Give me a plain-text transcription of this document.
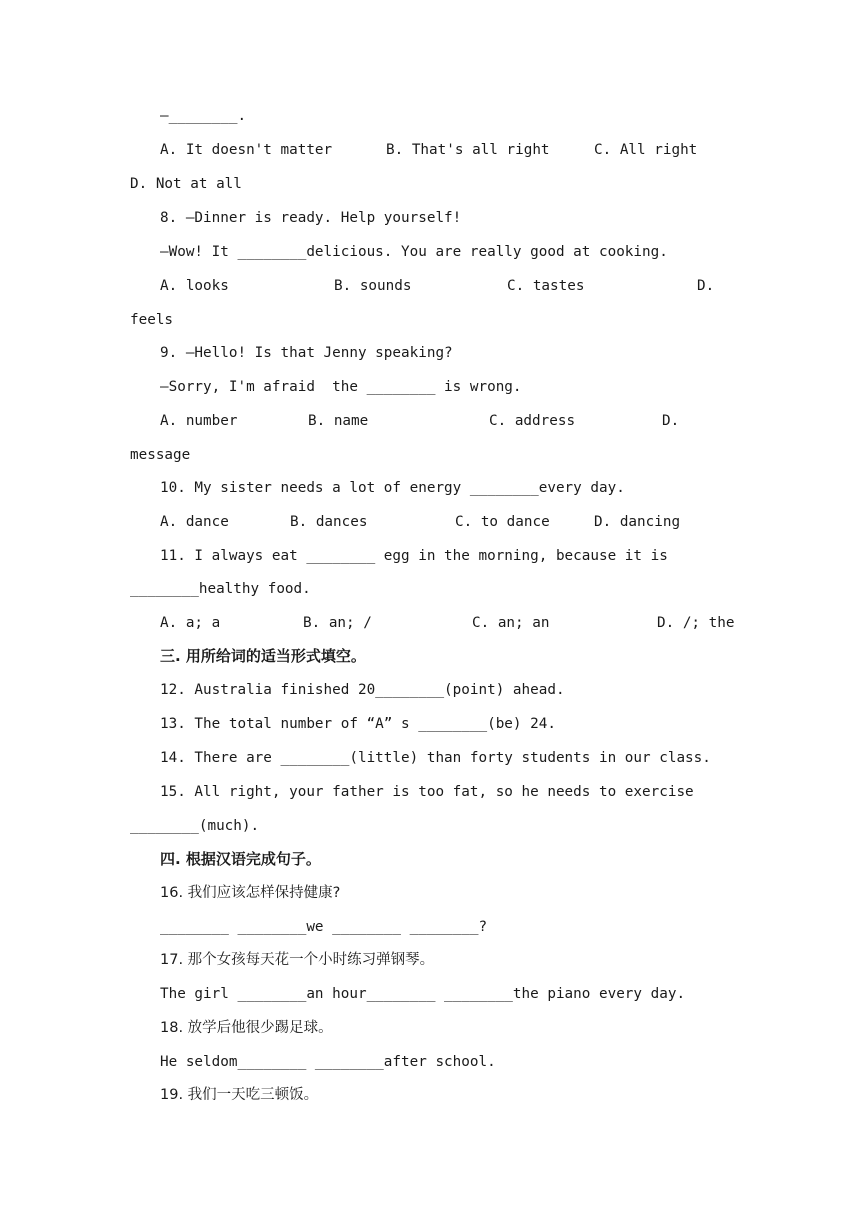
—________.
A. It doesn't matter	B. That's all right	C. All right
D. Not at all
8. —Dinner is ready. Help yourself!
—Wow! It ________delicious. You are really good at cooking.
A. looks	B. sounds	C. tastes	D.
feels
9. —Hello! Is that Jenny speaking?
—Sorry, I'm afraid  the ________ is wrong.
A. number	B. name	C. address	D.
message
10. My sister needs a lot of energy ________every day.
A. dance	B. dances	C. to dance	D. dancing
11. I always eat ________ egg in the morning, because it is
________healthy food.
A. a; a	B. an; /	C. an; an	D. /; the
三. 用所给词的适当形式填空。
12. Australia finished 20________(point) ahead.
13. The total number of “A” s ________(be) 24.
14. There are ________(little) than forty students in our class.
15. All right, your father is too fat, so he needs to exercise
________(much).
四. 根据汉语完成句子。
16. 我们应该怎样保持健康?
________ ________we ________ ________?
17. 那个女孩每天花一个小时练习弹钢琴。
The girl ________an hour________ ________the piano every day.
18. 放学后他很少踢足球。
He seldom________ ________after school.
19. 我们一天吃三顿饭。
